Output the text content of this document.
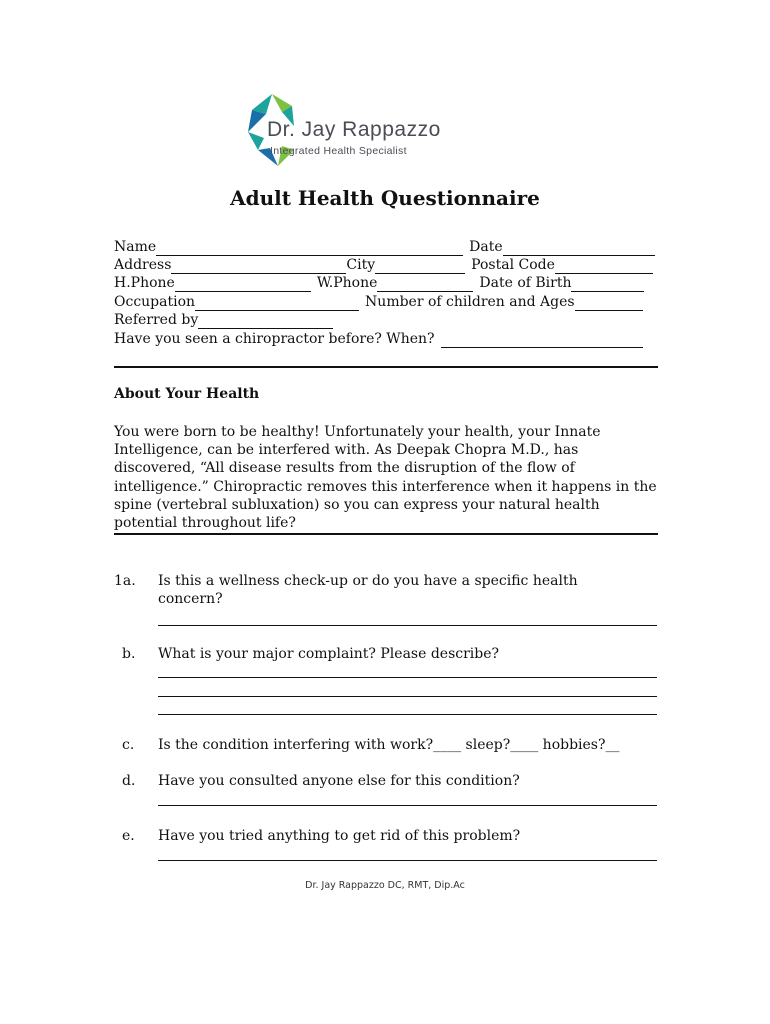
Dr. Jay Rappazzo
Integrated Health Specialist
Adult Health Questionnaire
Name	Date
Address	City	Postal Code
H.Phone	W.Phone	Date of Birth
Occupation	Number of children and Ages
Referred by
Have you seen a chiropractor before? When?
About Your Health
You were born to be healthy! Unfortunately your health, your Innate Intelligence, can be interfered with. As Deepak Chopra M.D., has discovered, “All disease results from the disruption of the flow of intelligence.” Chiropractic removes this interference when it happens in the spine (vertebral subluxation) so you can express your natural health potential throughout life?
1a. Is this a wellness check-up or do you have a specific health concern?
b. What is your major complaint? Please describe?
c. Is the condition interfering with work?____ sleep?____ hobbies?__
d. Have you consulted anyone else for this condition?
e. Have you tried anything to get rid of this problem?
Dr. Jay Rappazzo DC, RMT, Dip.Ac
